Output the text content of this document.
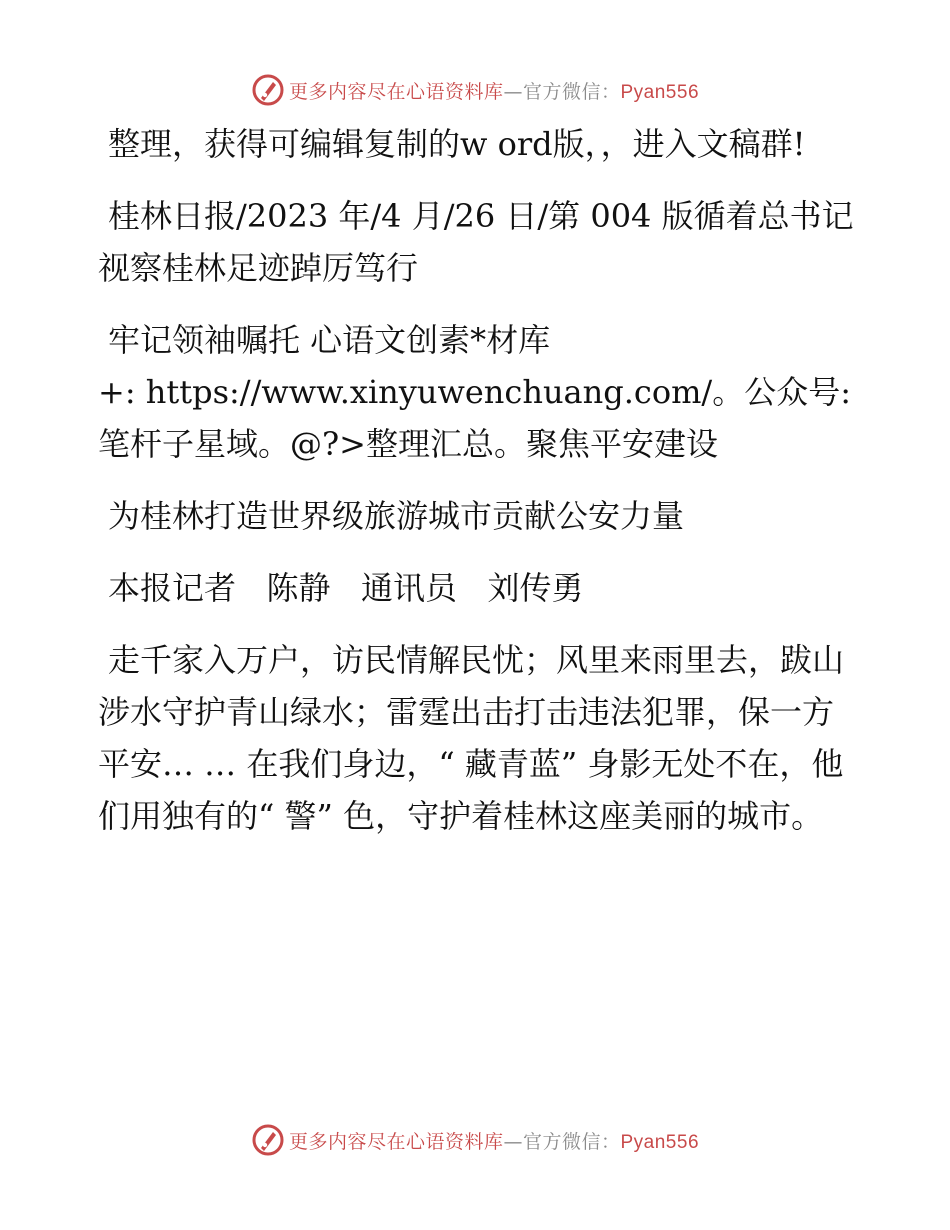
更多内容尽在心语资料库—官方微信：Pyan556

整理，获得可编辑复制的w ord版，，进入文稿群!

桂林日报/2023 年/4 月/26 日/第 004 版循着总书记视察桂林足迹踔厉笃行

牢记领袖嘱托 心语文创素*材库

+: https://www.xinyuwenchuang.com/。公众号:笔杆子星域。@?>整理汇总。聚焦平安建设

为桂林打造世界级旅游城市贡献公安力量

本报记者   陈静   通讯员   刘传勇

走千家入万户，访民情解民忧；风里来雨里去，跋山涉水守护青山绿水；雷霆出击打击违法犯罪，保一方平安… … 在我们身边，“ 藏青蓝” 身影无处不在，他们用独有的“ 警” 色，守护着桂林这座美丽的城市。

更多内容尽在心语资料库—官方微信：Pyan556
